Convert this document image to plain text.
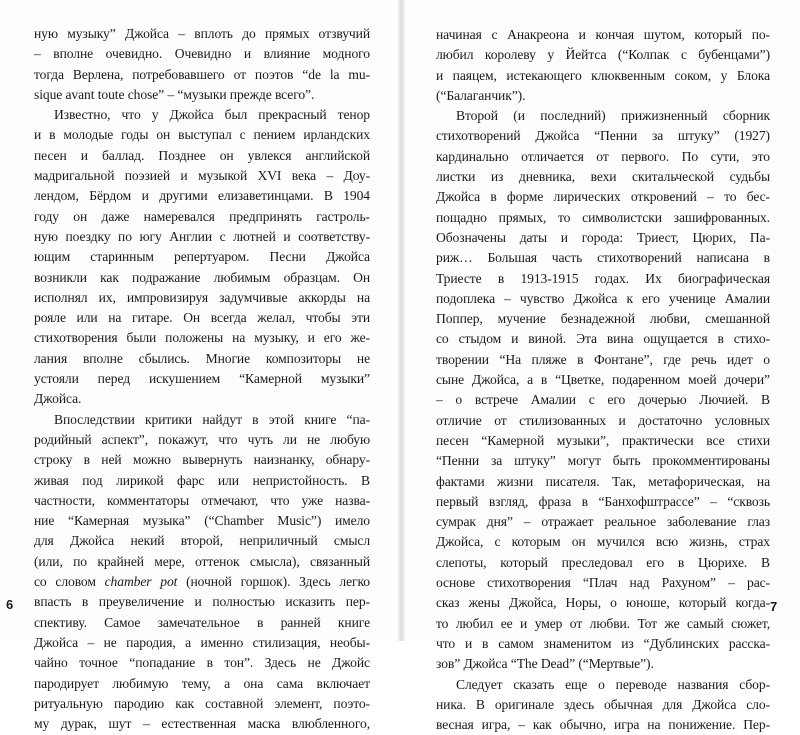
ную музыку” Джойса – вплоть до прямых отзвучий
– вполне очевидно. Очевидно и влияние модного
тогда Верлена, потребовавшего от поэтов “de la mu-
sique avant toute chose” – “музыки прежде всего”.
Известно, что у Джойса был прекрасный тенор
и в молодые годы он выступал с пением ирландских
песен и баллад. Позднее он увлекся английской
мадригальной поэзией и музыкой XVI века – Доу-
лендом, Бёрдом и другими елизаветинцами. В 1904
году он даже намеревался предпринять гастроль-
ную поездку по югу Англии с лютней и соответству-
ющим старинным репертуаром. Песни Джойса
возникли как подражание любимым образцам. Он
исполнял их, импровизируя задумчивые аккорды на
рояле или на гитаре. Он всегда желал, чтобы эти
стихотворения были положены на музыку, и его же-
лания вполне сбылись. Многие композиторы не
устояли перед искушением “Камерной музыки”
Джойса.
Впоследствии критики найдут в этой книге “па-
родийный аспект”, покажут, что чуть ли не любую
строку в ней можно вывернуть наизнанку, обнару-
живая под лирикой фарс или непристойность. В
частности, комментаторы отмечают, что уже назва-
ние “Камерная музыка” (“Chamber Music”) имело
для Джойса некий второй, неприличный смысл
(или, по крайней мере, оттенок смысла), связанный
со словом chamber pot (ночной горшок). Здесь легко
впасть в преувеличение и полностью исказить пер-
спективу. Самое замечательное в ранней книге
Джойса – не пародия, а именно стилизация, необы-
чайно точное “попадание в тон”. Здесь не Джойс
пародирует любимую тему, а она сама включает
ритуальную пародию как составной элемент, поэто-
му дурак, шут – естественная маска влюбленного,
6
начиная с Анакреона и кончая шутом, который по-
любил королеву у Йейтса (“Колпак с бубенцами”)
и паяцем, истекающего клюквенным соком, у Блока
(“Балаганчик”).
Второй (и последний) прижизненный сборник
стихотворений Джойса “Пенни за штуку” (1927)
кардинально отличается от первого. По сути, это
листки из дневника, вехи скитальческой судьбы
Джойса в форме лирических откровений – то бес-
пощадно прямых, то символистски зашифрованных.
Обозначены даты и города: Триест, Цюрих, Па-
риж… Большая часть стихотворений написана в
Триесте в 1913-1915 годах. Их биографическая
подоплека – чувство Джойса к его ученице Амалии
Поппер, мучение безнадежной любви, смешанной
со стыдом и виной. Эта вина ощущается в стихо-
творении “На пляже в Фонтане”, где речь идет о
сыне Джойса, а в “Цветке, подаренном моей дочери”
– о встрече Амалии с его дочерью Лючией. В
отличие от стилизованных и достаточно условных
песен “Камерной музыки”, практически все стихи
“Пенни за штуку” могут быть прокомментированы
фактами жизни писателя. Так, метафорическая, на
первый взгляд, фраза в “Банхофштрассе” – “сквозь
сумрак дня” – отражает реальное заболевание глаз
Джойса, с которым он мучился всю жизнь, страх
слепоты, который преследовал его в Цюрихе. В
основе стихотворения “Плач над Рахуном” – рас-
сказ жены Джойса, Норы, о юноше, который когда-
то любил ее и умер от любви. Тот же самый сюжет,
что и в самом знаменитом из “Дублинских расска-
зов” Джойса “The Dead” (“Мертвые”).
Следует сказать еще о переводе названия сбор-
ника. В оригинале здесь обычная для Джойса сло-
весная игра, – как обычно, игра на понижение. Пер-
7
